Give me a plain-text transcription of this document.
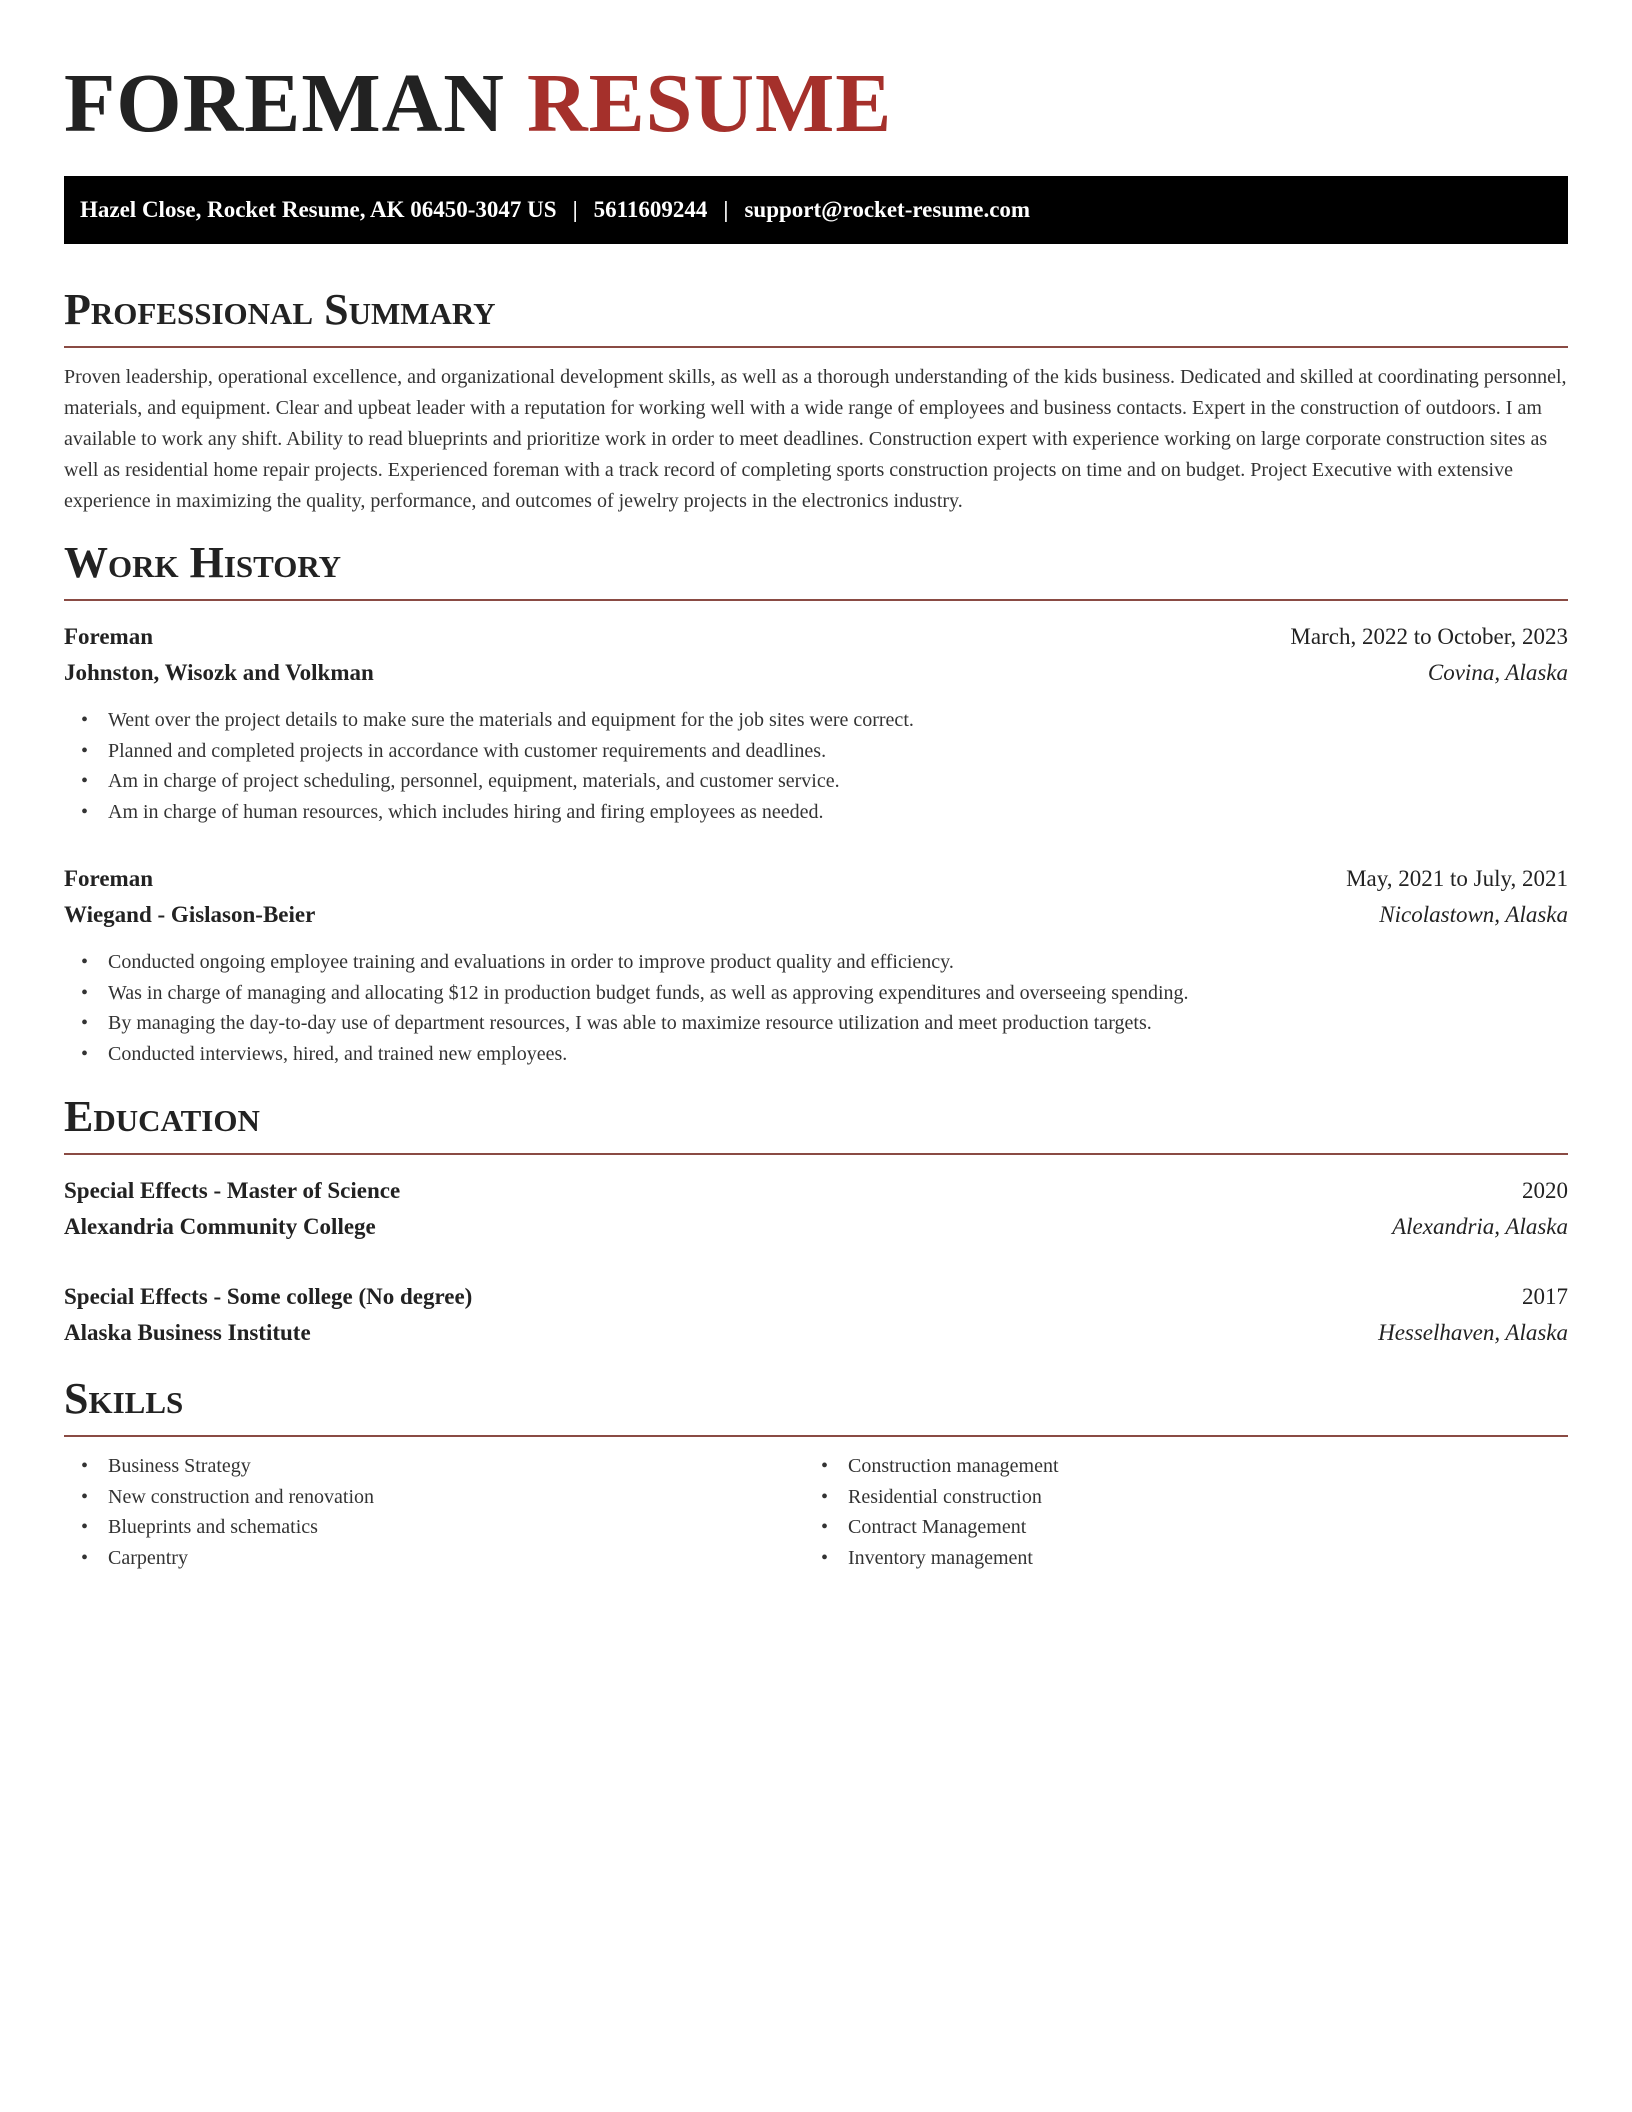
FOREMAN RESUME
Hazel Close, Rocket Resume, AK 06450-3047 US | 5611609244 | support@rocket-resume.com
Professional Summary

Proven leadership, operational excellence, and organizational development skills, as well as a thorough understanding of the kids business. Dedicated and skilled at coordinating personnel, materials, and equipment. Clear and upbeat leader with a reputation for working well with a wide range of employees and business contacts. Expert in the construction of outdoors. I am available to work any shift. Ability to read blueprints and prioritize work in order to meet deadlines. Construction expert with experience working on large corporate construction sites as well as residential home repair projects. Experienced foreman with a track record of completing sports construction projects on time and on budget. Project Executive with extensive experience in maximizing the quality, performance, and outcomes of jewelry projects in the electronics industry.

Work History
Foreman	March, 2022 to October, 2023
Johnston, Wisozk and Volkman	Covina, Alaska
• Went over the project details to make sure the materials and equipment for the job sites were correct.
• Planned and completed projects in accordance with customer requirements and deadlines.
• Am in charge of project scheduling, personnel, equipment, materials, and customer service.
• Am in charge of human resources, which includes hiring and firing employees as needed.
Foreman	May, 2021 to July, 2021
Wiegand - Gislason-Beier	Nicolastown, Alaska
• Conducted ongoing employee training and evaluations in order to improve product quality and efficiency.
• Was in charge of managing and allocating $12 in production budget funds, as well as approving expenditures and overseeing spending.
• By managing the day-to-day use of department resources, I was able to maximize resource utilization and meet production targets.
• Conducted interviews, hired, and trained new employees.
Education
Special Effects - Master of Science	2020
Alexandria Community College	Alexandria, Alaska
Special Effects - Some college (No degree)	2017
Alaska Business Institute	Hesselhaven, Alaska
Skills
• Business Strategy
• New construction and renovation
• Blueprints and schematics
• Carpentry
• Construction management
• Residential construction
• Contract Management
• Inventory management
